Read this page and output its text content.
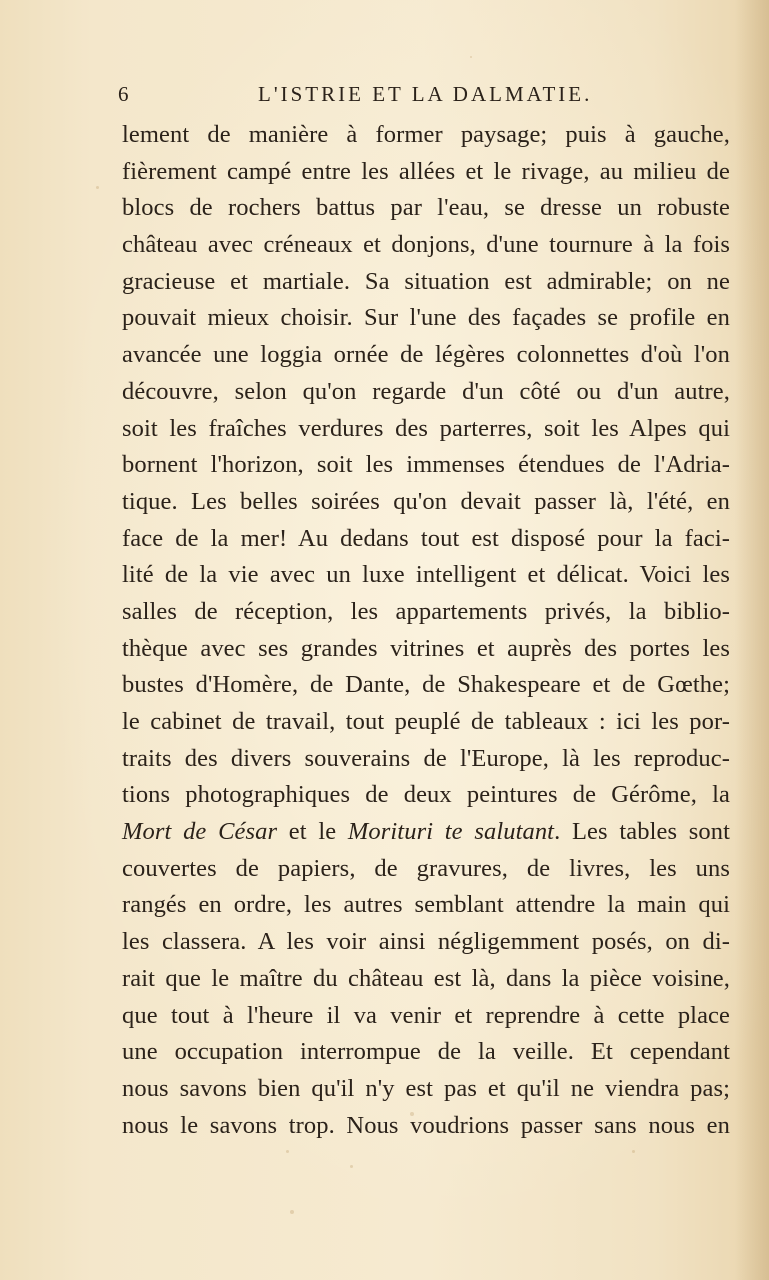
6	L'ISTRIE ET LA DALMATIE.
lement de manière à former paysage; puis à gauche,
fièrement campé entre les allées et le rivage, au milieu de
blocs de rochers battus par l'eau, se dresse un robuste
château avec créneaux et donjons, d'une tournure à la fois
gracieuse et martiale. Sa situation est admirable; on ne
pouvait mieux choisir. Sur l'une des façades se profile en
avancée une loggia ornée de légères colonnettes d'où l'on
découvre, selon qu'on regarde d'un côté ou d'un autre,
soit les fraîches verdures des parterres, soit les Alpes qui
bornent l'horizon, soit les immenses étendues de l'Adria-
tique. Les belles soirées qu'on devait passer là, l'été, en
face de la mer! Au dedans tout est disposé pour la faci-
lité de la vie avec un luxe intelligent et délicat. Voici les
salles de réception, les appartements privés, la biblio-
thèque avec ses grandes vitrines et auprès des portes les
bustes d'Homère, de Dante, de Shakespeare et de Gœthe;
le cabinet de travail, tout peuplé de tableaux : ici les por-
traits des divers souverains de l'Europe, là les reproduc-
tions photographiques de deux peintures de Gérôme, la
Mort de César et le Morituri te salutant. Les tables sont
couvertes de papiers, de gravures, de livres, les uns
rangés en ordre, les autres semblant attendre la main qui
les classera. A les voir ainsi négligemment posés, on di-
rait que le maître du château est là, dans la pièce voisine,
que tout à l'heure il va venir et reprendre à cette place
une occupation interrompue de la veille. Et cependant
nous savons bien qu'il n'y est pas et qu'il ne viendra pas;
nous le savons trop. Nous voudrions passer sans nous en
